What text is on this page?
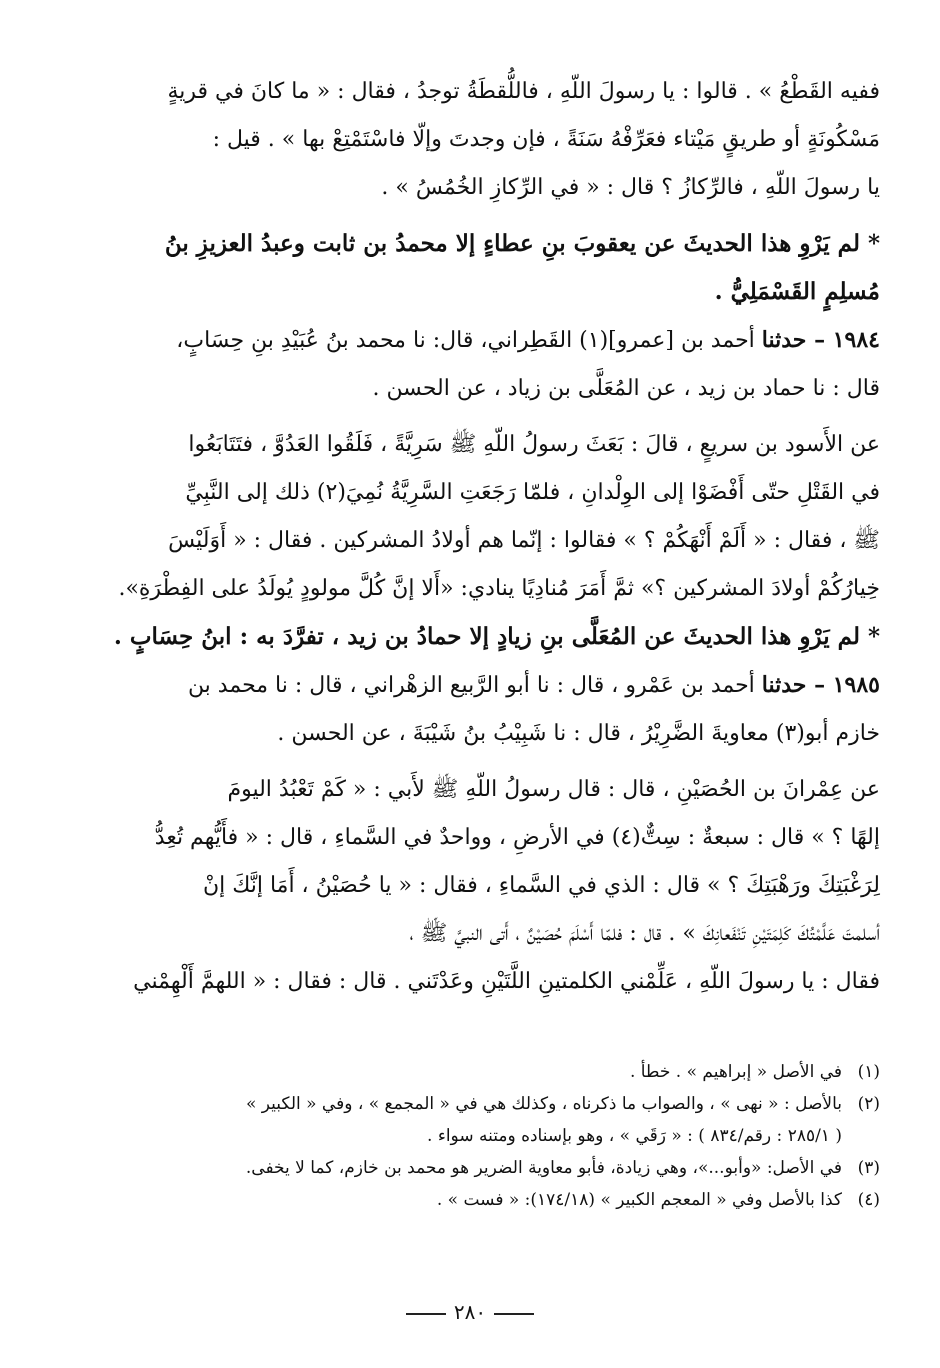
ففيه القَطْعُ » . قالوا : يا رسولَ اللّهِ ، فاللُّقطَةُ توجدُ ، فقال : « ما كانَ في قريةٍ

مَسْكُونَةٍ أو طريقٍ مَيْتاء فعَرِّفْهُ سَنَةً ، فإن وجدتَ وإلّا فاسْتَمْتِعْ بها » . قيل :

يا رسولَ اللّهِ ، فالرِّكازُ ؟ قال : « في الرِّكازِ الخُمُسُ » .

* لم يَرْوِ هذا الحديثَ عن يعقوبَ بنِ عطاءٍ إلا محمدُ بن ثابت وعبدُ العزيزِ بنُ

مُسلِمٍ القَسْمَلِيُّ .

١٩٨٤ – حدثنا أحمد بن [عمرو](١) القَطِراني، قال: نا محمد بنُ عُبَيْدِ بنِ حِسَابٍ،

قال : نا حماد بن زيد ، عن المُعَلَّى بن زياد ، عن الحسن .

عن الأَسود بن سريعٍ ، قالَ : بَعَثَ رسولُ اللّهِ ﷺ سَرِيَّةً ، فَلَقُوا العَدُوَّ ، فتَتَابَعُوا

في القَتْلِ حتّى أَفْضَوْا إلى الوِلْدانِ ، فلمّا رَجَعَتِ السَّرِيَّةُ نُمِيَ(٢) ذلك إلى النَّبِيِّ

ﷺ ، فقال : « أَلَمْ أَنْهَكُمْ ؟ » فقالوا : إنّما هم أولادُ المشركين . فقال : « أَوَلَيْسَ

خِيارُكُمْ أولادَ المشركين ؟» ثمَّ أَمَرَ مُنادِيًا ينادي: «أَلا إنَّ كُلَّ مولودٍ يُولَدُ على الفِطْرَةِ».

* لم يَرْوِ هذا الحديثَ عن المُعَلَّى بنِ زيادٍ إلا حمادُ بن زيد ، تفرَّدَ به : ابنُ حِسَابٍ .

١٩٨٥ – حدثنا أحمد بن عَمْرو ، قال : نا أبو الرَّبيع الزهْراني ، قال : نا محمد بن

خازم أبو(٣) معاويةَ الضَّرِيْرُ ، قال : نا شَبِيْبُ بنُ شَيْبَةَ ، عن الحسن .

عن عِمْرانَ بن الحُصَيْنِ ، قال : قال رسولُ اللّهِ ﷺ لأَبي : « كَمْ تَعْبُدُ اليومَ

إلهًا ؟ » قال : سبعةٌ : سِتٌّ(٤) في الأرضِ ، وواحدٌ في السَّماءِ ، قال : « فأَيُّهم تُعِدُّ

لِرَغْبَتِكَ ورَهْبَتِكَ ؟ » قال : الذي في السَّماءِ ، فقال : « يا حُصَيْنُ ، أَمَا إنَّكَ إنْ

أسلمتَ عَلَّمْتُكَ كَلِمَتَيْنِ تَنْفَعانِكَ » . قال : فلمّا أَسْلَمَ حُصَيْنٌ ، أَتى النبيَّ ﷺ ،

فقال : يا رسولَ اللّهِ ، عَلِّمْني الكلمتينِ اللَّتَيْنِ وعَدْتَني . قال : فقال : « اللهمَّ أَلْهِمْني

(١)في الأصل « إبراهيم » . خطأ .

(٢)بالأصل : « نهى » ، والصواب ما ذكرناه ، وكذلك هي في « المجمع » ، وفي « الكبير »

( ٢٨٥/١ : رقم/٨٣٤ ) : « رَقَي » ، وهو بإسناده ومتنه سواء .

(٣)في الأصل: «وأبو...»، وهي زيادة، فأبو معاوية الضرير هو محمد بن خازم، كما لا يخفى.

(٤)كذا بالأصل وفي « المعجم الكبير » (١٧٤/١٨): « فست » .

٢٨٠
